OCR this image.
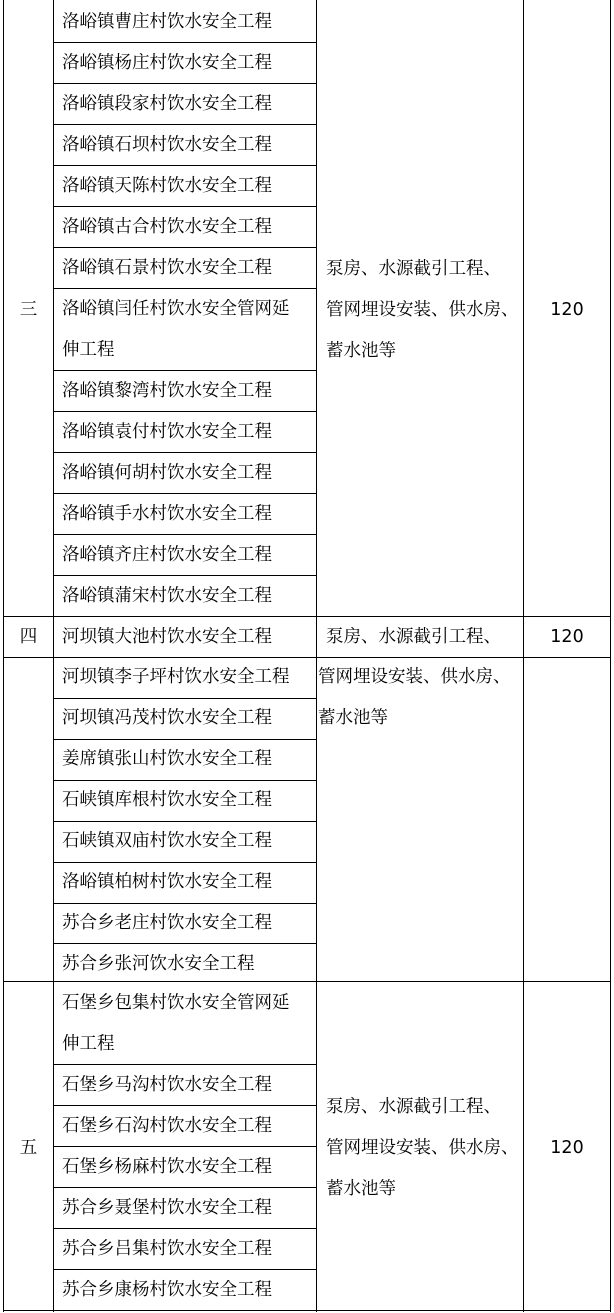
三
洛峪镇曹庄村饮水安全工程
洛峪镇杨庄村饮水安全工程
洛峪镇段家村饮水安全工程
洛峪镇石坝村饮水安全工程
洛峪镇天陈村饮水安全工程
洛峪镇古合村饮水安全工程
洛峪镇石景村饮水安全工程
洛峪镇闫任村饮水安全管网延
伸工程
洛峪镇黎湾村饮水安全工程
洛峪镇袁付村饮水安全工程
洛峪镇何胡村饮水安全工程
洛峪镇手水村饮水安全工程
洛峪镇齐庄村饮水安全工程
洛峪镇蒲宋村饮水安全工程
泵房、水源截引工程、
管网埋设安装、供水房、
蓄水池等
120
四	河坝镇大池村饮水安全工程
河坝镇李子坪村饮水安全工程
河坝镇冯茂村饮水安全工程
姜席镇张山村饮水安全工程
石峡镇库根村饮水安全工程
石峡镇双庙村饮水安全工程
洛峪镇柏树村饮水安全工程
苏合乡老庄村饮水安全工程
苏合乡张河饮水安全工程
泵房、水源截引工程、
管网埋设安装、供水房、
蓄水池等
120
五
石堡乡包集村饮水安全管网延
伸工程
石堡乡马沟村饮水安全工程
石堡乡石沟村饮水安全工程
石堡乡杨麻村饮水安全工程
苏合乡聂堡村饮水安全工程
苏合乡吕集村饮水安全工程
苏合乡康杨村饮水安全工程
泵房、水源截引工程、
管网埋设安装、供水房、
蓄水池等
120
